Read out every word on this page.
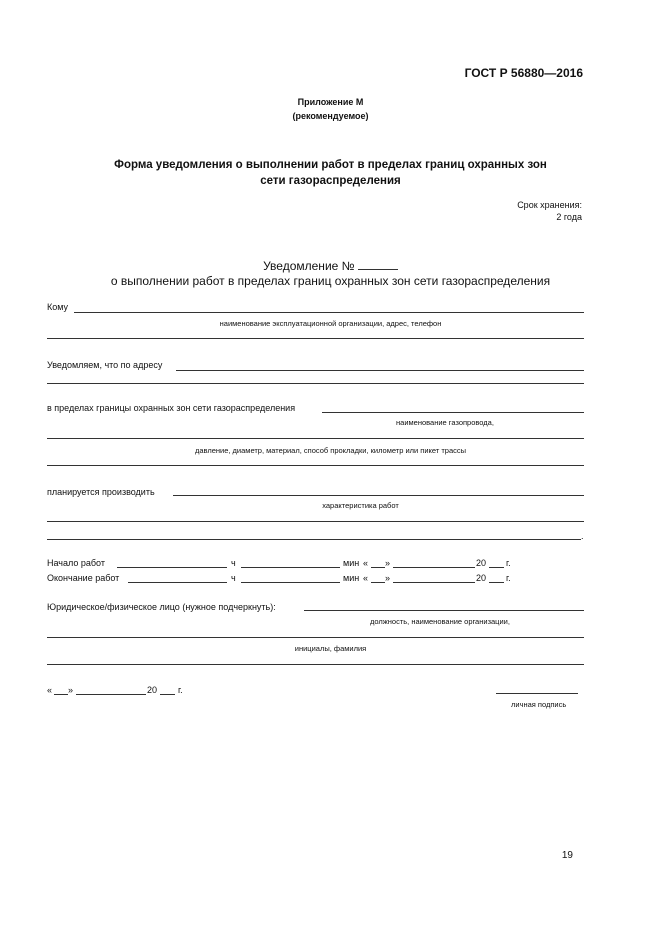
ГОСТ Р 56880—2016
Приложение М
(рекомендуемое)
Форма уведомления о выполнении работ в пределах границ охранных зон
сети газораспределения
Срок хранения:
2 года
Уведомление №
о выполнении работ в пределах границ охранных зон сети газораспределения
Кому
наименование эксплуатационной организации, адрес, телефон
Уведомляем, что по адресу
в пределах границы охранных зон сети газораспределения
наименование газопровода,
давление, диаметр, материал, способ прокладки, километр или пикет трассы
планируется производить
характеристика работ
.
Начало работ	ч	мин « »	20 г.
Окончание работ	ч	мин « »	20 г.
Юридическое/физическое лицо (нужное подчеркнуть):
должность, наименование организации,
инициалы, фамилия
« »	20 г.
личная подпись
19
